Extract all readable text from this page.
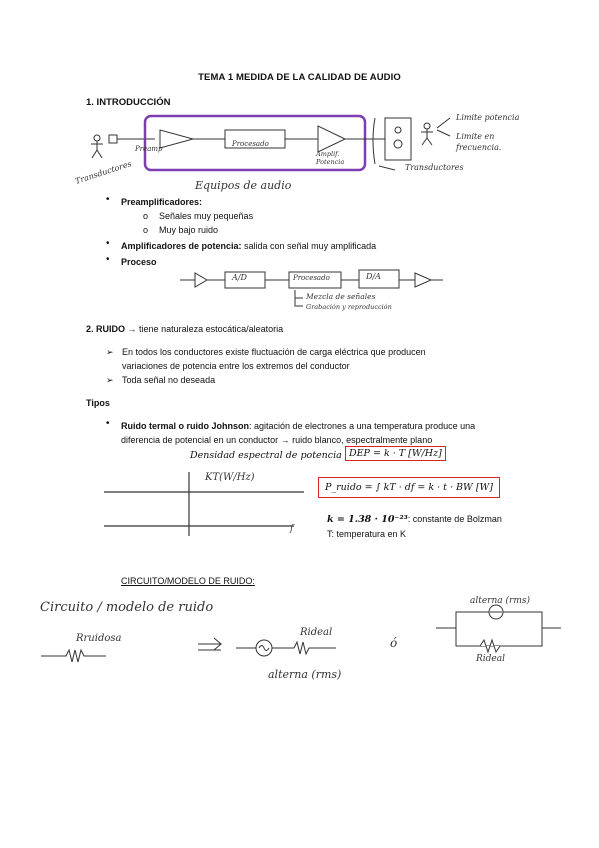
TEMA 1 MEDIDA DE LA CALIDAD DE AUDIO
1. INTRODUCCIÓN
Preamp
Procesado
Amplif. Potencia
Equipos de audio
Transductores	Transductores
Limite potencia
Limite en frecuencia.
• Preamplificadores:
o Señales muy pequeñas
o Muy bajo ruido
• Amplificadores de potencia: salida con señal muy amplificada
• Proceso
A/D	Procesado	D/A
Mezcla de señales
Grabación y reproducción
2. RUIDO → tiene naturaleza estocática/aleatoria
➢ En todos los conductores existe fluctuación de carga eléctrica que producen variaciones de potencia entre los extremos del conductor
➢ Toda señal no deseada
Tipos
• Ruido termal o ruido Johnson: agitación de electrones a una temperatura produce una diferencia de potencial en un conductor → ruido blanco, espectralmente plano
Densidad espectral de potencia DEP = k · T [W/Hz]
KT(W/Hz)
f
P_ruido = ∫ kT · df = k · t · BW [W]
k = 1.38 · 10⁻²³: constante de Bolzman
T: temperatura en K
CIRCUITO/MODELO DE RUIDO:
Circuito / modelo de ruido
Rruidosa
Rideal
alterna (rms)
ó
alterna (rms)
Rideal
